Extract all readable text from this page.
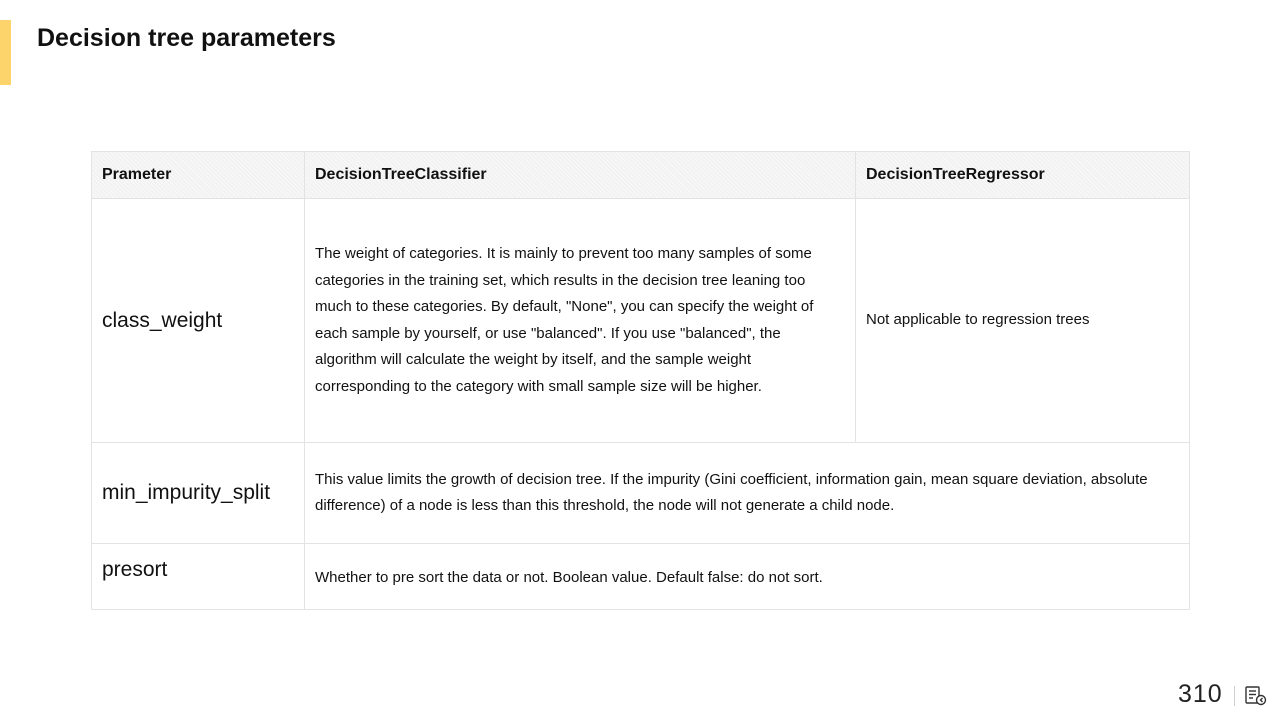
Decision tree parameters
Prameter	DecisionTreeClassifier	DecisionTreeRegressor
class_weight	The weight of categories. It is mainly to prevent too many samples of some categories in the training set, which results in the decision tree leaning too much to these categories. By default, "None", you can specify the weight of each sample by yourself, or use "balanced". If you use "balanced", the algorithm will calculate the weight by itself, and the sample weight corresponding to the category with small sample size will be higher.	Not applicable to regression trees
min_impurity_split	This value limits the growth of decision tree. If the impurity (Gini coefficient, information gain, mean square deviation, absolute difference) of a node is less than this threshold, the node will not generate a child node.	
presort	Whether to pre sort the data or not. Boolean value. Default false: do not sort.	
310
